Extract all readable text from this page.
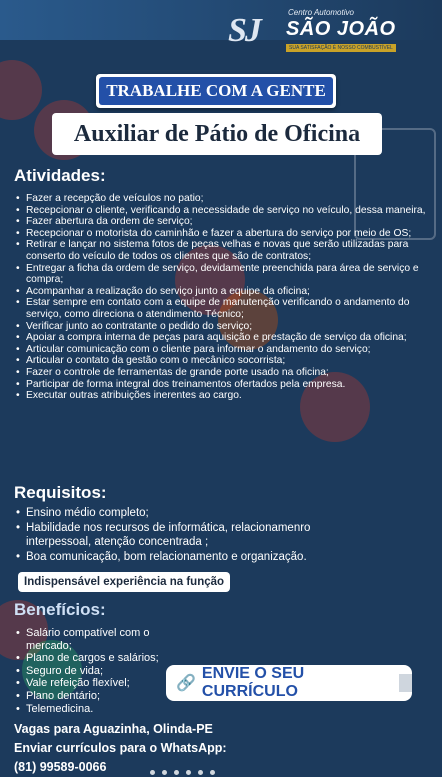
SJ	Centro Automotivo
SÃO JOÃO
SUA SATISFAÇÃO É NOSSO COMBUSTÍVEL
TRABALHE COM A GENTE
Auxiliar de Pátio de Oficina
Atividades:
• Fazer a recepção de veículos no patio;
• Recepcionar o cliente, verificando a necessidade de serviço no veículo, dessa maneira,
• Fazer abertura da ordem de serviço;
• Recepcionar o motorista do caminhão e fazer a abertura do serviço por meio de OS;
• Retirar e lançar no sistema fotos de peças velhas e novas que serão utilizadas para conserto do veículo de todos os clientes que são de contratos;
• Entregar a ficha da ordem de serviço, devidamente preenchida para área de serviço e compra;
• Acompanhar a realização do serviço junto a equipe da oficina;
• Estar sempre em contato com a equipe de manutenção verificando o andamento do serviço, como direciona o atendimento Técnico;
• Verificar junto ao contratante o pedido do serviço;
• Apoiar a compra interna de peças para aquisição e prestação de serviço da oficina;
• Articular comunicação com o cliente para informar o andamento do serviço;
• Articular o contato da gestão com o mecânico socorrista;
• Fazer o controle de ferramentas de grande porte usado na oficina;
• Participar de forma integral dos treinamentos ofertados pela empresa.
• Executar outras atribuições inerentes ao cargo.
Requisitos:
• Ensino médio completo;
• Habilidade nos recursos de informática, relacionamenro interpessoal, atenção concentrada ;
• Boa comunicação, bom relacionamento e organização.
Indispensável experiência na função
Benefícios:
• Salário compatível com o mercado;
• Plano de cargos e salários;
• Seguro de vida;
• Vale refeição flexível;
• Plano dentário;
• Telemedicina.
🔗
ENVIE O SEU CURRÍCULO
Vagas para Aguazinha, Olinda-PE
Enviar currículos para o WhatsApp:
(81) 99589-0066
